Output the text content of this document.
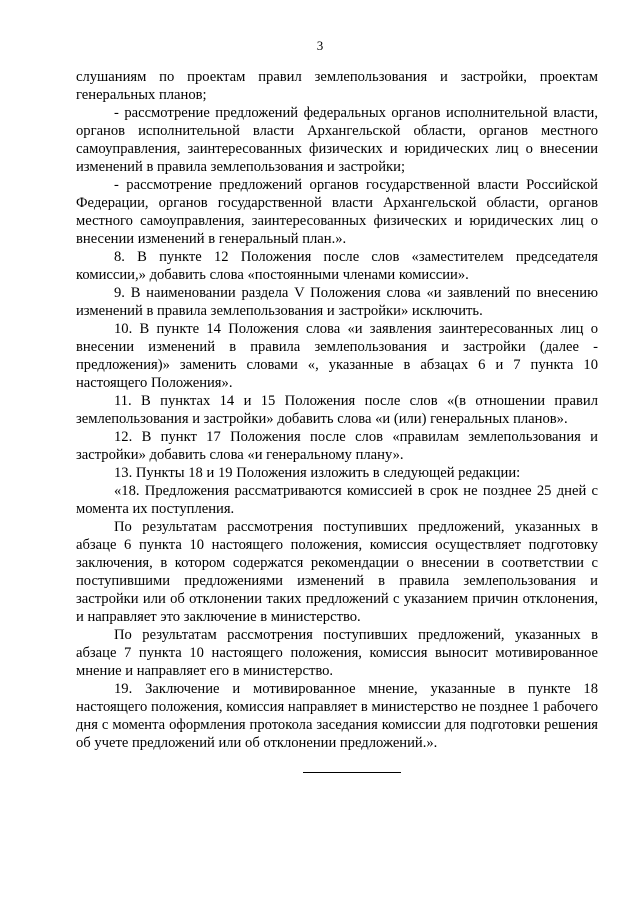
3

слушаниям по проектам правил землепользования и застройки, проектам генеральных планов;

- рассмотрение предложений федеральных органов исполнительной власти, органов исполнительной власти Архангельской области, органов местного самоуправления, заинтересованных физических и юридических лиц о внесении изменений в правила землепользования и застройки;

- рассмотрение предложений органов государственной власти Российской Федерации, органов государственной власти Архангельской области, органов местного самоуправления, заинтересованных физических и юридических лиц о внесении изменений в генеральный план.».

8. В пункте 12 Положения после слов «заместителем председателя комиссии,» добавить слова «постоянными членами комиссии».

9. В наименовании раздела V Положения слова «и заявлений по внесению изменений в правила землепользования и застройки» исключить.

10. В пункте 14 Положения слова «и заявления заинтересованных лиц о внесении изменений в правила землепользования и застройки (далее - предложения)» заменить словами «, указанные в абзацах 6 и 7 пункта 10 настоящего Положения».

11. В пунктах 14 и 15 Положения после слов «(в отношении правил землепользования и застройки» добавить слова «и (или) генеральных планов».

12. В пункт 17 Положения после слов «правилам землепользования и застройки» добавить слова «и генеральному плану».

13. Пункты 18 и 19 Положения изложить в следующей редакции:

«18. Предложения рассматриваются комиссией в срок не позднее 25 дней с момента их поступления.

По результатам рассмотрения поступивших предложений, указанных в абзаце 6 пункта 10 настоящего положения, комиссия осуществляет подготовку заключения, в котором содержатся рекомендации о внесении в соответствии с поступившими предложениями изменений в правила землепользования и застройки или об отклонении таких предложений с указанием причин отклонения, и направляет это заключение в министерство.

По результатам рассмотрения поступивших предложений, указанных в абзаце 7 пункта 10 настоящего положения, комиссия выносит мотивированное мнение и направляет его в министерство.

19. Заключение и мотивированное мнение, указанные в пункте 18 настоящего положения, комиссия направляет в министерство не позднее 1 рабочего дня с момента оформления протокола заседания комиссии для подготовки решения об учете предложений или об отклонении предложений.».
